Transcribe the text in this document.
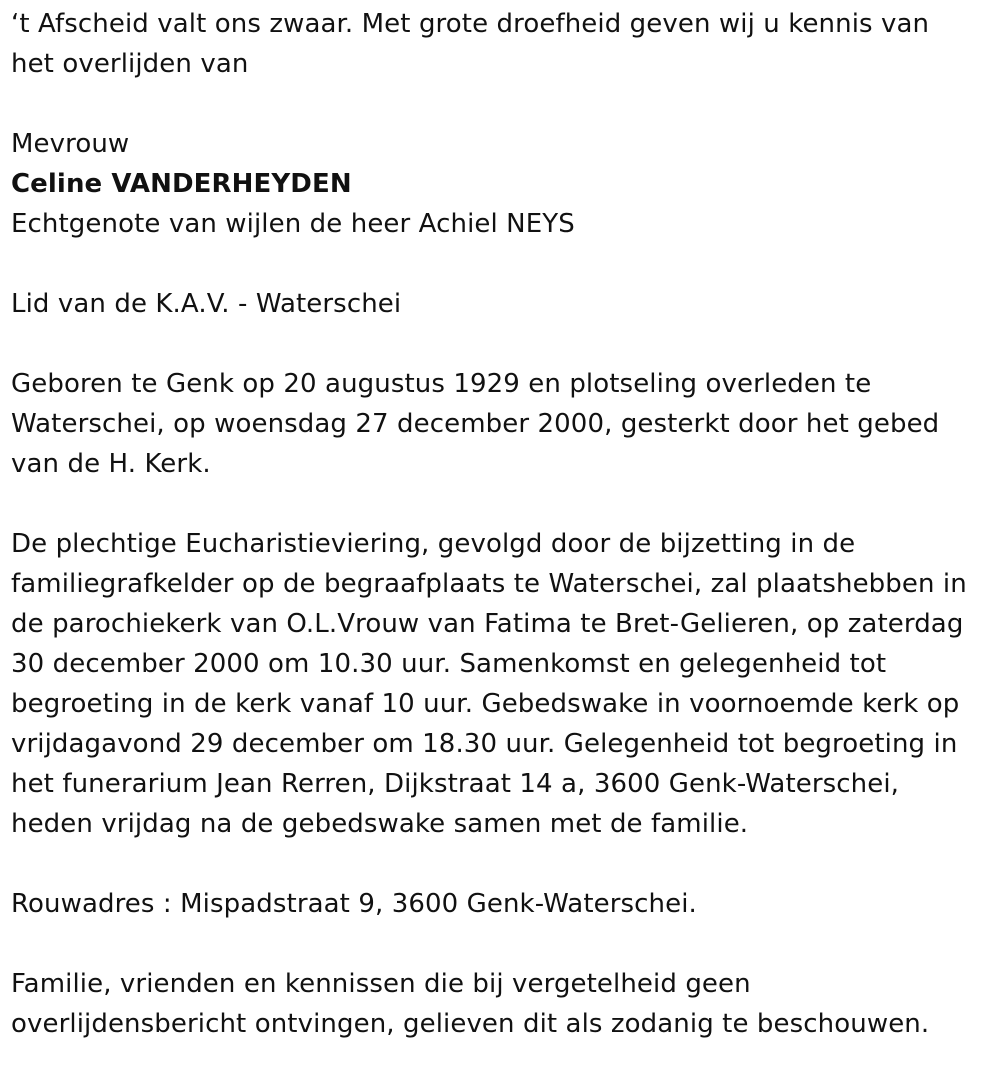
‘t Afscheid valt ons zwaar. Met grote droefheid geven wij u kennis van
het overlijden van
Mevrouw
Celine VANDERHEYDEN
Echtgenote van wijlen de heer Achiel NEYS
Lid van de K.A.V. - Waterschei
Geboren te Genk op 20 augustus 1929 en plotseling overleden te
Waterschei, op woensdag 27 december 2000, gesterkt door het gebed
van de H. Kerk.
De plechtige Eucharistieviering, gevolgd door de bijzetting in de
familiegrafkelder op de begraafplaats te Waterschei, zal plaatshebben in
de parochiekerk van O.L.Vrouw van Fatima te Bret-Gelieren, op zaterdag
30 december 2000 om 10.30 uur. Samenkomst en gelegenheid tot
begroeting in de kerk vanaf 10 uur. Gebedswake in voornoemde kerk op
vrijdagavond 29 december om 18.30 uur. Gelegenheid tot begroeting in
het funerarium Jean Rerren, Dijkstraat 14 a, 3600 Genk-Waterschei,
heden vrijdag na de gebedswake samen met de familie.
Rouwadres : Mispadstraat 9, 3600 Genk-Waterschei.
Familie, vrienden en kennissen die bij vergetelheid geen
overlijdensbericht ontvingen, gelieven dit als zodanig te beschouwen.
